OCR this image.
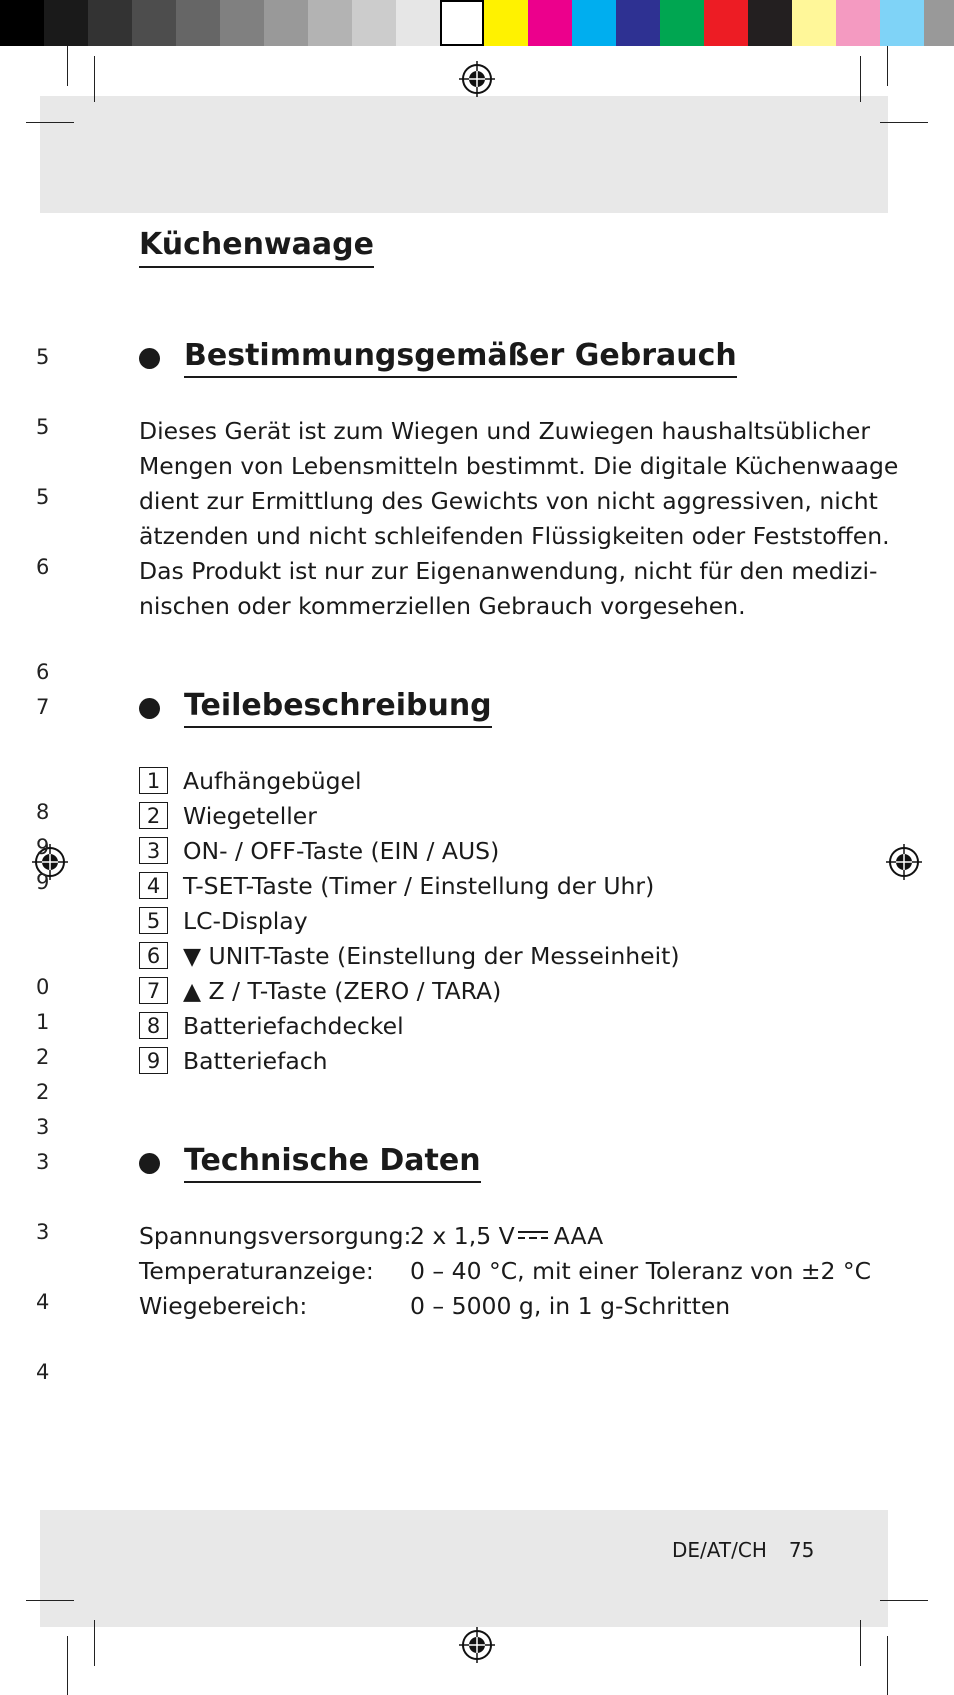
5
5
5
6
6
7
8
9
9
0
1
2
2
3
3
3
4
4
Küchenwaage
Bestimmungsgemäßer Gebrauch
Dieses Gerät ist zum Wiegen und Zuwiegen haushaltsüblicher
Mengen von Lebensmitteln bestimmt. Die digitale Küchenwaage
dient zur Ermittlung des Gewichts von nicht aggressiven, nicht
ätzenden und nicht schleifenden Flüssigkeiten oder Feststoffen.
Das Produkt ist nur zur Eigenanwendung, nicht für den medizi-
nischen oder kommerziellen Gebrauch vorgesehen.
Teilebeschreibung
1 Aufhängebügel
2 Wiegeteller
3 ON- / OFF-Taste (EIN / AUS)
4 T-SET-Taste (Timer / Einstellung der Uhr)
5 LC-Display
6 ▼ UNIT-Taste (Einstellung der Messeinheit)
7 ▲ Z / T-Taste (ZERO / TARA)
8 Batteriefachdeckel
9 Batteriefach
Technische Daten
Spannungsversorgung:
2 x 1,5 V AAA
Temperaturanzeige:	0 – 40 °C, mit einer Toleranz von ±2 °C
Wiegebereich:	0 – 5000 g, in 1 g-Schritten
DE/AT/CH 75
